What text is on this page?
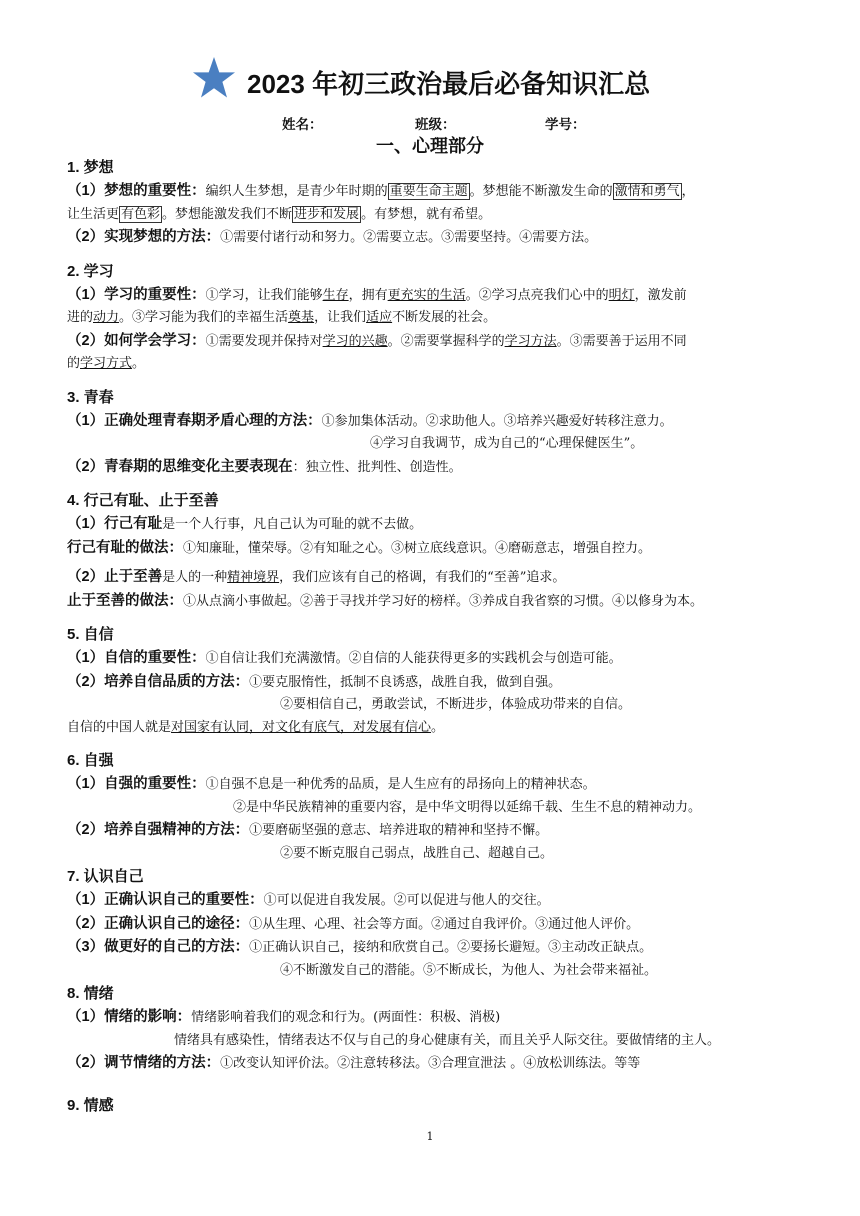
2023 年初三政治最后必备知识汇总
姓名：	班级：	学号：
一、心理部分
1. 梦想
（1）梦想的重要性：编织人生梦想，是青少年时期的 重要生命主题 。梦想能不断激发生命的 激情和勇气 ，
让生活更 有色彩 。梦想能激发我们不断 进步和发展 。有梦想，就有希望。
（2）实现梦想的方法：①需要付诸行动和努力。②需要立志。③需要坚持。④需要方法。
2. 学习
（1）学习的重要性：①学习，让我们能够生存，拥有更充实的生活。②学习点亮我们心中的明灯，激发前
进的动力。③学习能为我们的幸福生活奠基，让我们适应不断发展的社会。
（2）如何学会学习：①需要发现并保持对学习的兴趣。②需要掌握科学的学习方法。③需要善于运用不同
的学习方式。
3. 青春
（1）正确处理青春期矛盾心理的方法：①参加集体活动。②求助他人。③培养兴趣爱好转移注意力。
④学习自我调节，成为自己的“心理保健医生”。
（2）青春期的思维变化主要表现在：独立性、批判性、创造性。
4. 行己有耻、止于至善
（1）行己有耻是一个人行事，凡自己认为可耻的就不去做。
行己有耻的做法：①知廉耻，懂荣辱。②有知耻之心。③树立底线意识。④磨砺意志，增强自控力。
（2）止于至善是人的一种精神境界，我们应该有自己的格调，有我们的“至善”追求。
止于至善的做法：①从点滴小事做起。②善于寻找并学习好的榜样。③养成自我省察的习惯。④以修身为本。
5. 自信
（1）自信的重要性：①自信让我们充满激情。②自信的人能获得更多的实践机会与创造可能。
（2）培养自信品质的方法：①要克服惰性，抵制不良诱惑，战胜自我，做到自强。
②要相信自己，勇敢尝试，不断进步，体验成功带来的自信。
自信的中国人就是对国家有认同，对文化有底气，对发展有信心。
6. 自强
（1）自强的重要性：①自强不息是一种优秀的品质，是人生应有的昂扬向上的精神状态。
②是中华民族精神的重要内容，是中华文明得以延绵千载、生生不息的精神动力。
（2）培养自强精神的方法：①要磨砺坚强的意志、培养进取的精神和坚持不懈。
②要不断克服自己弱点，战胜自己、超越自己。
7. 认识自己
（1）正确认识自己的重要性：①可以促进自我发展。②可以促进与他人的交往。
（2）正确认识自己的途径：①从生理、心理、社会等方面。②通过自我评价。③通过他人评价。
（3）做更好的自己的方法：①正确认识自己，接纳和欣赏自己。②要扬长避短。③主动改正缺点。
④不断激发自己的潜能。⑤不断成长，为他人、为社会带来福祉。
8. 情绪
（1）情绪的影响：情绪影响着我们的观念和行为。(两面性：积极、消极)
情绪具有感染性，情绪表达不仅与自己的身心健康有关，而且关乎人际交往。要做情绪的主人。
（2）调节情绪的方法：①改变认知评价法。②注意转移法。③合理宣泄法 。④放松训练法。等等
9. 情感
1
